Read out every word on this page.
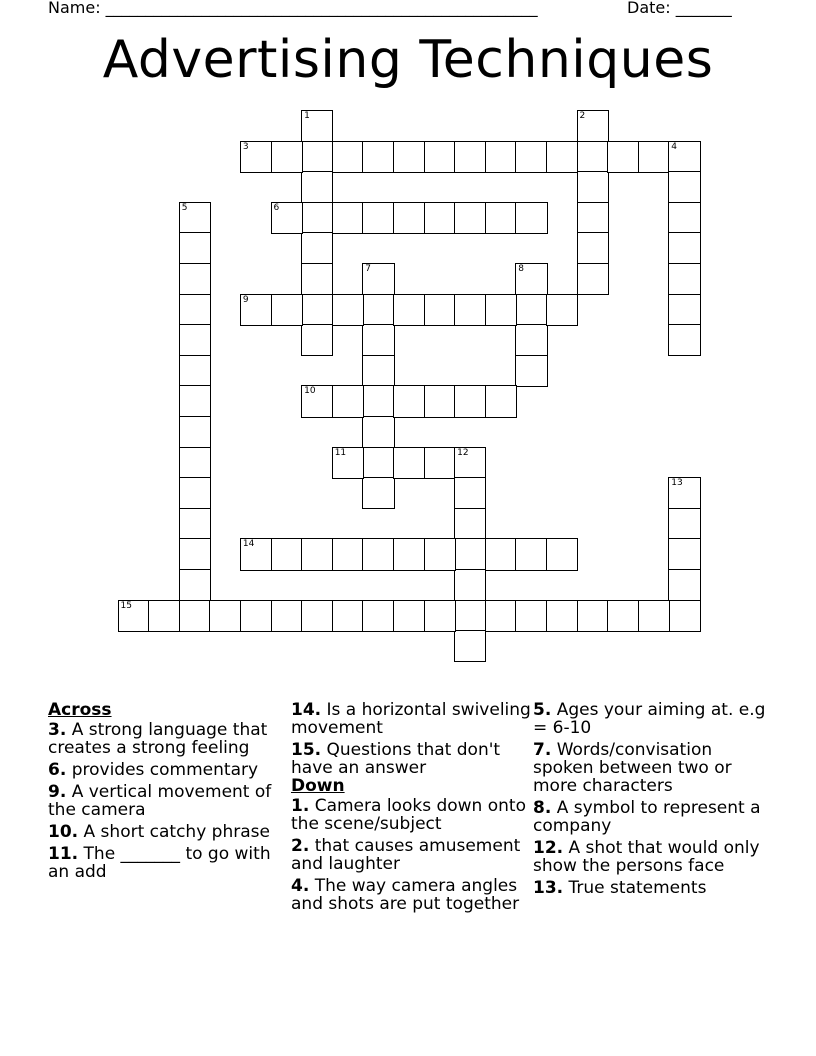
Name: ______________________________________________________	Date: _______
Advertising Techniques
1	2
3	4
5	6
7	8
9
10
11	12
13
14
15
Across
3. A strong language that creates a strong feeling
6. provides commentary
9. A vertical movement of the camera
10. A short catchy phrase
11. The _______ to go with an add
14. Is a horizontal swiveling movement
15. Questions that don't have an answer
Down
1. Camera looks down onto the scene/subject
2. that causes amusement and laughter
4. The way camera angles and shots are put together
5. Ages your aiming at. e.g = 6-10
7. Words/convisation spoken between two or more characters
8. A symbol to represent a company
12. A shot that would only show the persons face
13. True statements
